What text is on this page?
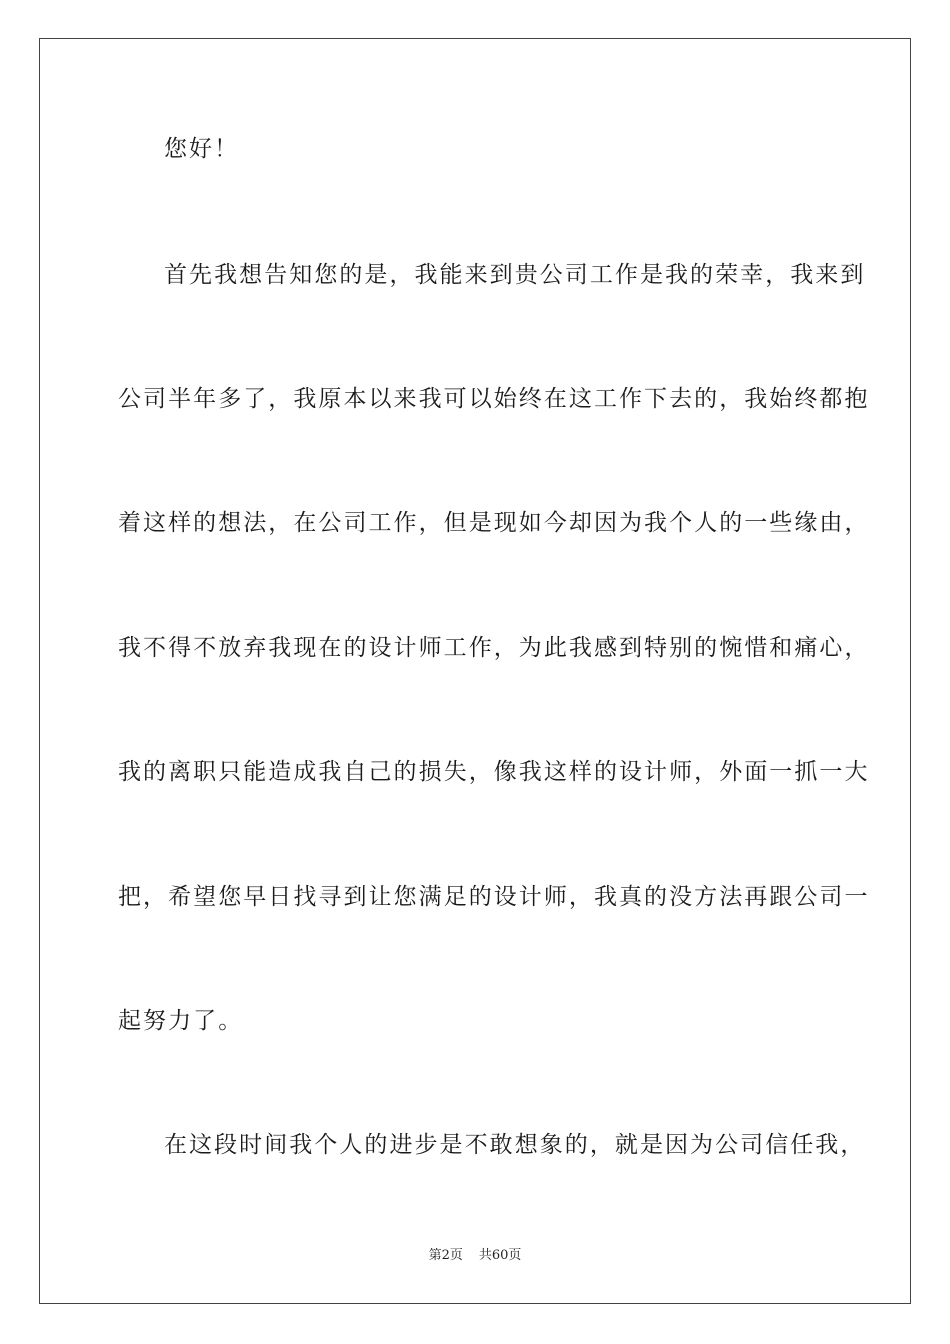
您好！
首先我想告知您的是，我能来到贵公司工作是我的荣幸，我来到
公司半年多了，我原本以来我可以始终在这工作下去的，我始终都抱
着这样的想法，在公司工作，但是现如今却因为我个人的一些缘由，
我不得不放弃我现在的设计师工作，为此我感到特别的惋惜和痛心，
我的离职只能造成我自己的损失，像我这样的设计师，外面一抓一大
把，希望您早日找寻到让您满足的设计师，我真的没方法再跟公司一
起努力了。
在这段时间我个人的进步是不敢想象的，就是因为公司信任我，
第2页 共60页
